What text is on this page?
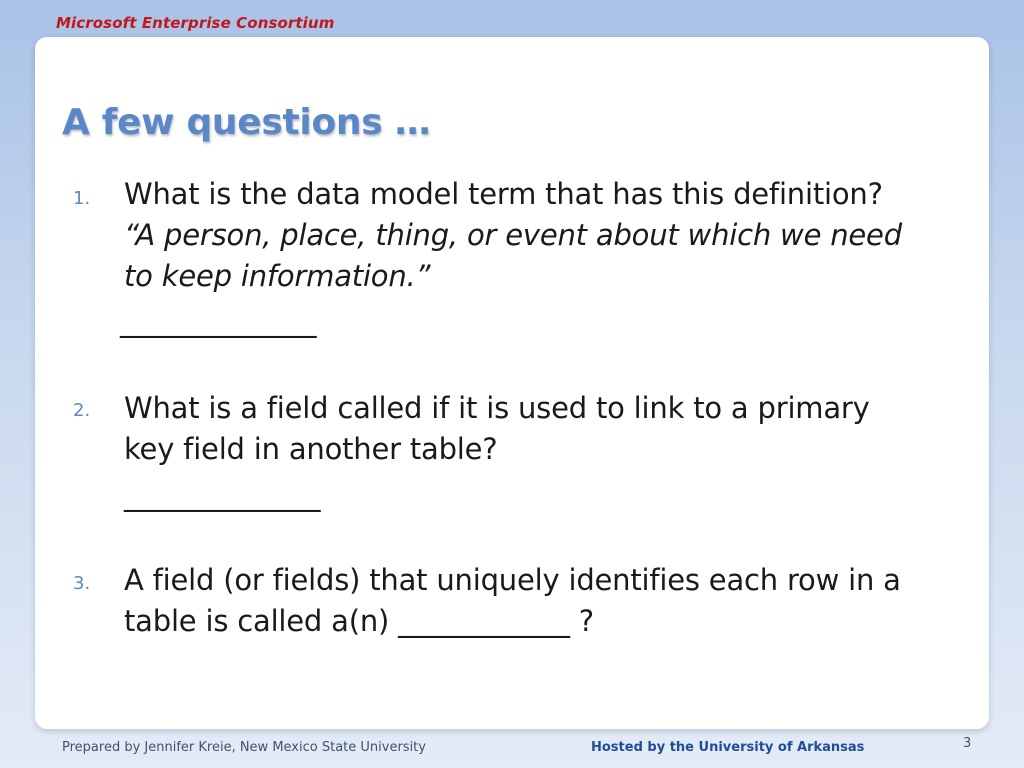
Microsoft Enterprise Consortium
A few questions …
1. What is the data model term that has this definition? “A person, place, thing, or event about which we need to keep information.”
______________
2. What is a field called if it is used to link to a primary key field in another table?
______________
3. A field (or fields) that uniquely identifies each row in a table is called a(n) ____________ ?
Prepared by Jennifer Kreie, New Mexico State University	Hosted by the University of Arkansas	3
